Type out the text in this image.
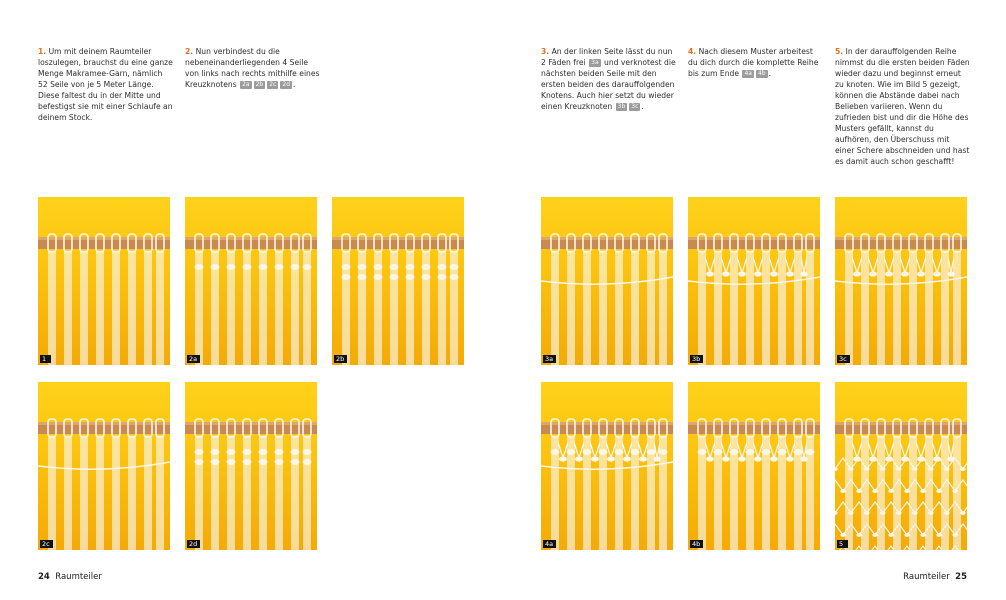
1. Um mit deinem Raumteiler loszulegen, brauchst du eine ganze Menge Makramee-Garn, nämlich 52 Seile von je 5 Meter Länge. Diese faltest du in der Mitte und befestigst sie mit einer Schlaufe an deinem Stock.
2. Nun verbindest du die nebeneinanderliegenden 4 Seile von links nach rechts mithilfe eines Kreuzknotens 2a 2b 2c 2d .
3. An der linken Seite lässt du nun 2 Fäden frei 3a und verknotest die nächsten beiden Seile mit den ersten beiden des darauffolgenden Knotens. Auch hier setzt du wieder einen Kreuzknoten 3b 3c .
4. Nach diesem Muster arbeitest du dich durch die komplette Reihe bis zum Ende 4a 4b .
5. In der darauffolgenden Reihe nimmst du die ersten beiden Fäden wieder dazu und beginnst erneut zu knoten. Wie im Bild 5 gezeigt, können die Abstände dabei nach Belieben variieren. Wenn du zufrieden bist und dir die Höhe des Musters gefällt, kannst du aufhören, den Überschuss mit einer Schere abschneiden und hast es damit auch schon geschafft!
1	2a	2b
2c	2d
3a	3b	3c
4a	4b	5
24 Raumteiler	Raumteiler 25
